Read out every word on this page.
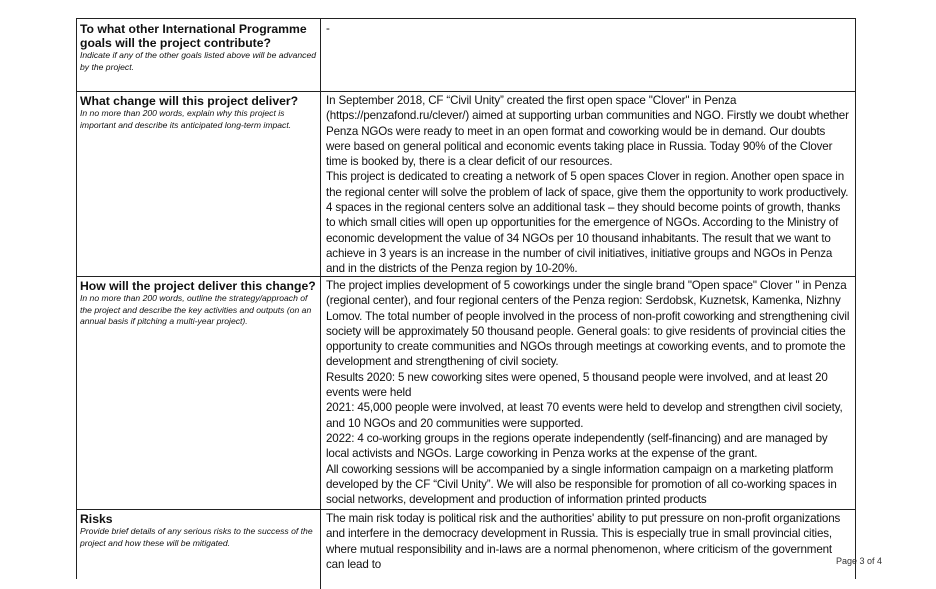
To what other International Programme goals will the project contribute?

Indicate if any of the other goals listed above will be advanced by the project.

-

What change will this project deliver?

In no more than 200 words, explain why this project is important and describe its anticipated long-term impact.

In September 2018, CF “Civil Unity” created the first open space "Clover" in Penza (https://penzafond.ru/clever/) aimed at supporting urban communities and NGO. Firstly we doubt whether Penza NGOs were ready to meet in an open format and coworking would be in demand. Our doubts were based on general political and economic events taking place in Russia. Today 90% of the Clover time is booked by, there is a clear deficit of our resources.

This project is dedicated to creating a network of 5 open spaces Clover in region. Another open space in the regional center will solve the problem of lack of space, give them the opportunity to work productively. 4 spaces in the regional centers solve an additional task – they should become points of growth, thanks to which small cities will open up opportunities for the emergence of NGOs. According to the Ministry of economic development the value of 34 NGOs per 10 thousand inhabitants. The result that we want to achieve in 3 years is an increase in the number of civil initiatives, initiative groups and NGOs in Penza and in the districts of the Penza region by 10-20%.

How will the project deliver this change?

In no more than 200 words, outline the strategy/approach of the project and describe the key activities and outputs (on an annual basis if pitching a multi-year project).

The project implies development of 5 coworkings under the single brand "Open space" Clover " in Penza (regional center), and four regional centers of the Penza region: Serdobsk, Kuznetsk, Kamenka, Nizhny Lomov. The total number of people involved in the process of non-profit coworking and strengthening civil society will be approximately 50 thousand people. General goals: to give residents of provincial cities the opportunity to create communities and NGOs through meetings at coworking events, and to promote the development and strengthening of civil society.

Results 2020: 5 new coworking sites were opened, 5 thousand people were involved, and at least 20 events were held

2021: 45,000 people were involved, at least 70 events were held to develop and strengthen civil society, and 10 NGOs and 20 communities were supported.

2022: 4 co-working groups in the regions operate independently (self-financing) and are managed by local activists and NGOs. Large coworking in Penza works at the expense of the grant.

All coworking sessions will be accompanied by a single information campaign on a marketing platform developed by the CF “Civil Unity”. We will also be responsible for promotion of all co-working spaces in social networks, development and production of information printed products

Risks

Provide brief details of any serious risks to the success of the project and how these will be mitigated.

The main risk today is political risk and the authorities' ability to put pressure on non-profit organizations and interfere in the democracy development in Russia. This is especially true in small provincial cities, where mutual responsibility and in-laws are a normal phenomenon, where criticism of the government can lead to	Page 3 of 4
